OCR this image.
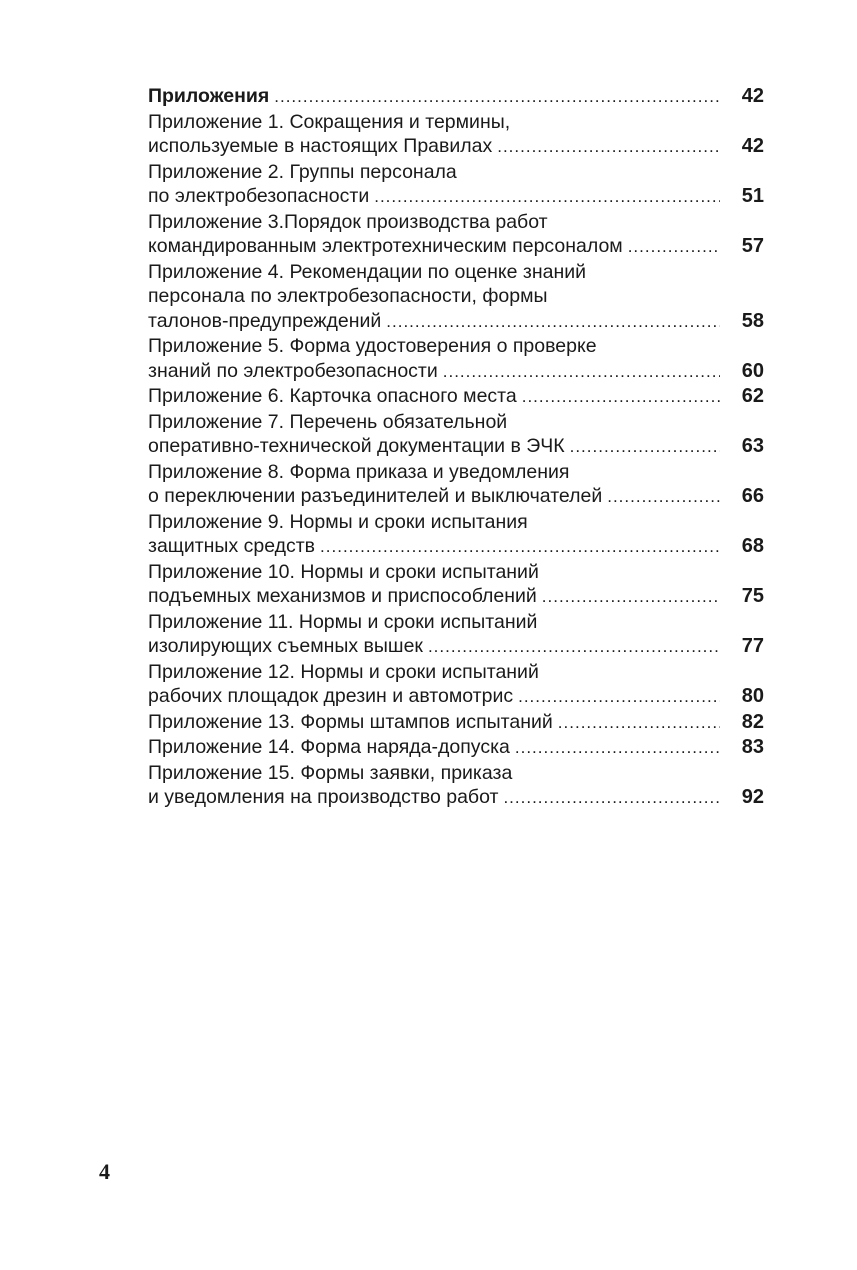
Приложения .....	42
Приложение 1. Сокращения и термины,
используемые в настоящих Правилах .....	42
Приложение 2. Группы персонала
по электробезопасности .....	51
Приложение 3.Порядок производства работ
командированным электротехническим персоналом .....	57
Приложение 4. Рекомендации по оценке знаний
персонала по электробезопасности, формы
талонов-предупреждений .....	58
Приложение 5. Форма удостоверения о проверке
знаний по электробезопасности .....	60
Приложение 6. Карточка опасного места .....	62
Приложение 7. Перечень обязательной
оперативно-технической документации в ЭЧК .....	63
Приложение 8. Форма приказа и уведомления
о переключении разъединителей и выключателей .....	66
Приложение 9. Нормы и сроки испытания
защитных средств .....	68
Приложение 10. Нормы и сроки испытаний
подъемных механизмов и приспособлений .....	75
Приложение 11. Нормы и сроки испытаний
изолирующих съемных вышек .....	77
Приложение 12. Нормы и сроки испытаний
рабочих площадок дрезин и автомотрис .....	80
Приложение 13. Формы штампов испытаний .....	82
Приложение 14. Форма наряда-допуска .....	83
Приложение 15. Формы заявки, приказа
и уведомления на производство работ .....	92
4
